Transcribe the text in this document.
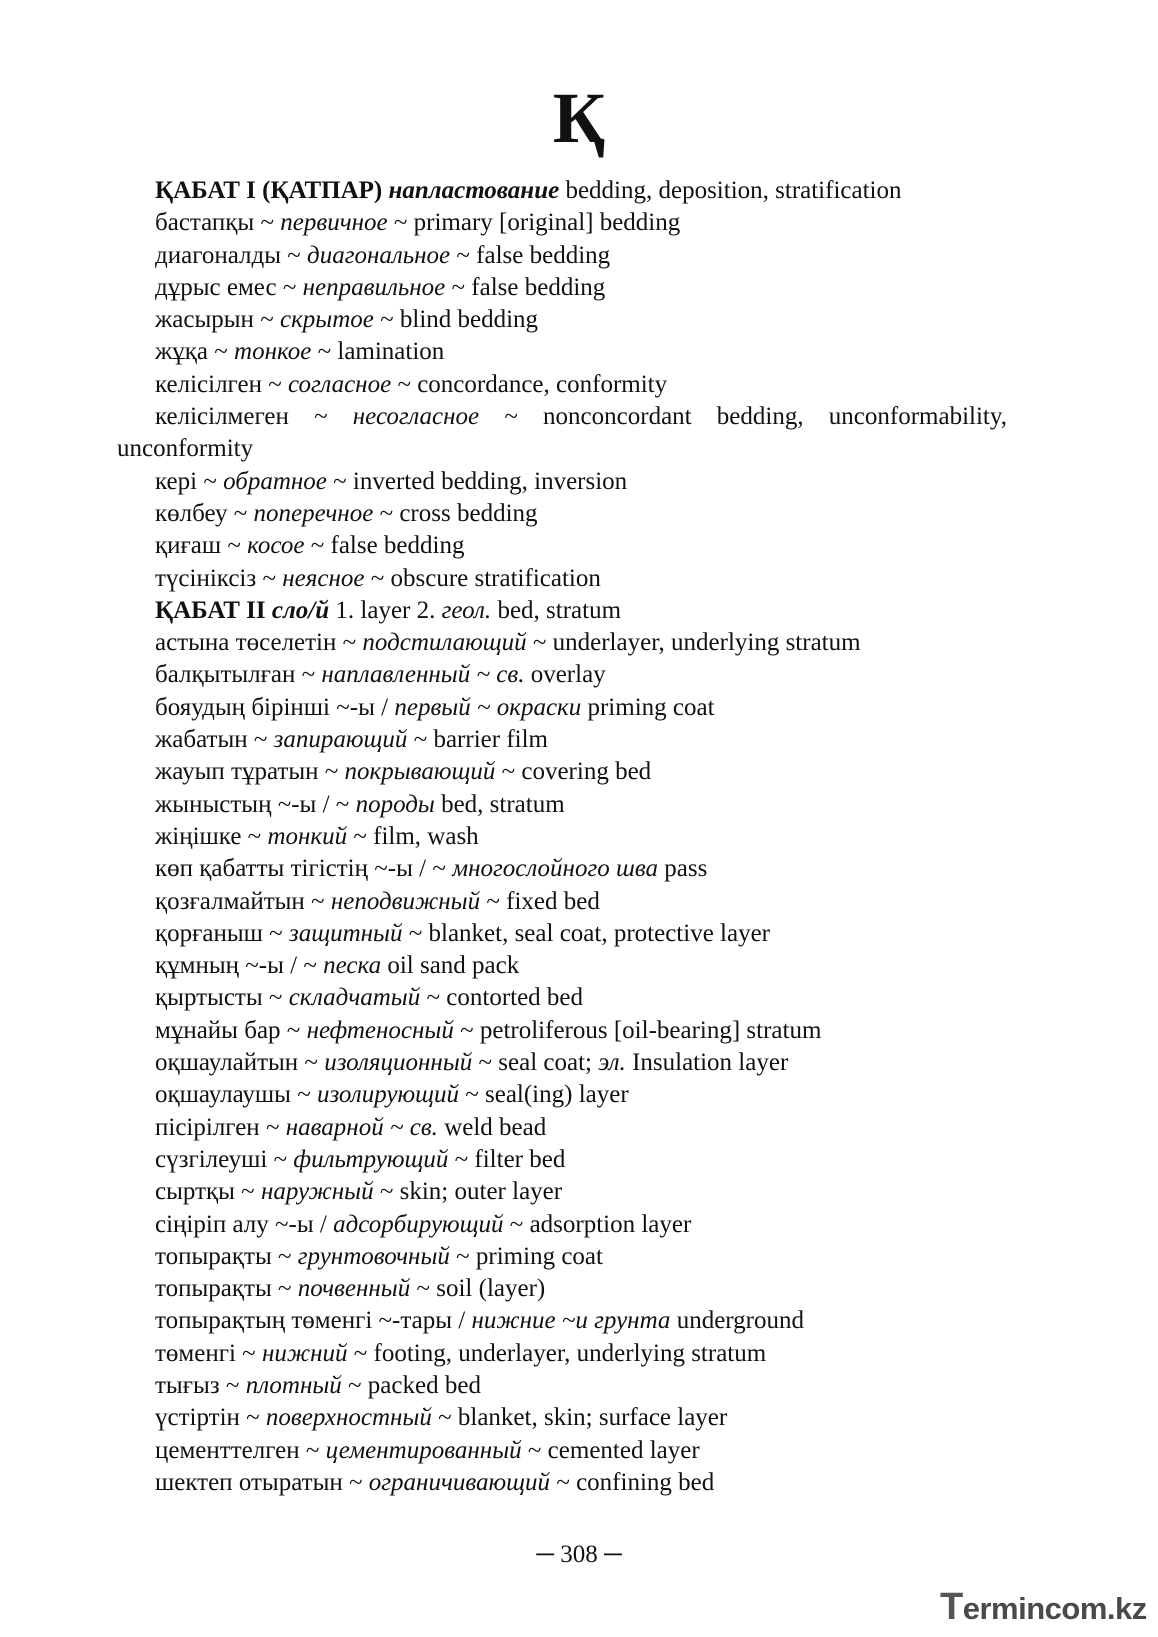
Қ
ҚАБАТ I (ҚАТПАР) напластование bedding, deposition, stratification
бастапқы ~ первичное ~ primary [original] bedding
диагоналды ~ диагональное ~ false bedding
дұрыс емес ~ неправильное ~ false bedding
жасырын ~ скрытое ~ blind bedding
жұқа ~ тонкое ~ lamination
келісілген ~ согласное ~ concordance, conformity
келісілмеген ~ несогласное ~ nonconcordant bedding, unconformability, unconformity
кері ~ обратное ~ inverted bedding, inversion
көлбеу ~ поперечное ~ cross bedding
қиғаш ~ косое ~ false bedding
түсініксіз ~ неясное ~ obscure stratification
ҚАБАТ II сло/й 1. layer 2. геол. bed, stratum
астына төселетін ~ подстилающий ~ underlayer, underlying stratum
балқытылған ~ наплавленный ~ св. overlay
бояудың бірінші ~-ы / первый ~ окраски priming coat
жабатын ~ запирающий ~ barrier film
жауып тұратын ~ покрывающий ~ covering bed
жыныстың ~-ы / ~ породы bed, stratum
жіңішке ~ тонкий ~ film, wash
көп қабатты тігістің ~-ы / ~ многослойного шва pass
қозғалмайтын ~ неподвижный ~ fixed bed
қорғаныш ~ защитный ~ blanket, seal coat, protective layer
құмның ~-ы / ~ песка oil sand pack
қыртысты ~ складчатый ~ contorted bed
мұнайы бар ~ нефтеносный ~ petroliferous [oil-bearing] stratum
оқшаулайтын ~ изоляционный ~ seal coat; эл. Insulation layer
оқшаулаушы ~ изолирующий ~ seal(ing) layer
пісірілген ~ наварной ~ св. weld bead
сүзгілеуші ~ фильтрующий ~ filter bed
сыртқы ~ наружный ~ skin; outer layer
сіңіріп алу ~-ы / адсорбирующий ~ adsorption layer
топырақты ~ грунтовочный ~ priming coat
топырақты ~ почвенный ~ soil (layer)
топырақтың төменгі ~-тары / нижние ~и грунта underground
төменгі ~ нижний ~ footing, underlayer, underlying stratum
тығыз ~ плотный ~ packed bed
үстіртін ~ поверхностный ~ blanket, skin; surface layer
цементтелген ~ цементированный ~ cemented layer
шектеп отыратын ~ ограничивающий ~ confining bed
─ 308 ─
Termincom.kz
